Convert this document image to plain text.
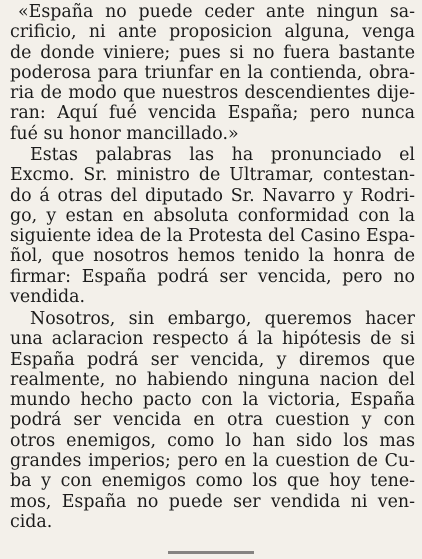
«España no puede ceder ante ningun sa-
crificio, ni ante proposicion alguna, venga
de donde viniere; pues si no fuera bastante
poderosa para triunfar en la contienda, obra-
ria de modo que nuestros descendientes dije-
ran: Aquí fué vencida España; pero nunca
fué su honor mancillado.»
Estas palabras las ha pronunciado el
Excmo. Sr. ministro de Ultramar, contestan-
do á otras del diputado Sr. Navarro y Rodri-
go, y estan en absoluta conformidad con la
siguiente idea de la Protesta del Casino Espa-
ñol, que nosotros hemos tenido la honra de
firmar: España podrá ser vencida, pero no
vendida.
Nosotros, sin embargo, queremos hacer
una aclaracion respecto á la hipótesis de si
España podrá ser vencida, y diremos que
realmente, no habiendo ninguna nacion del
mundo hecho pacto con la victoria, España
podrá ser vencida en otra cuestion y con
otros enemigos, como lo han sido los mas
grandes imperios; pero en la cuestion de Cu-
ba y con enemigos como los que hoy tene-
mos, España no puede ser vendida ni ven-
cida.
